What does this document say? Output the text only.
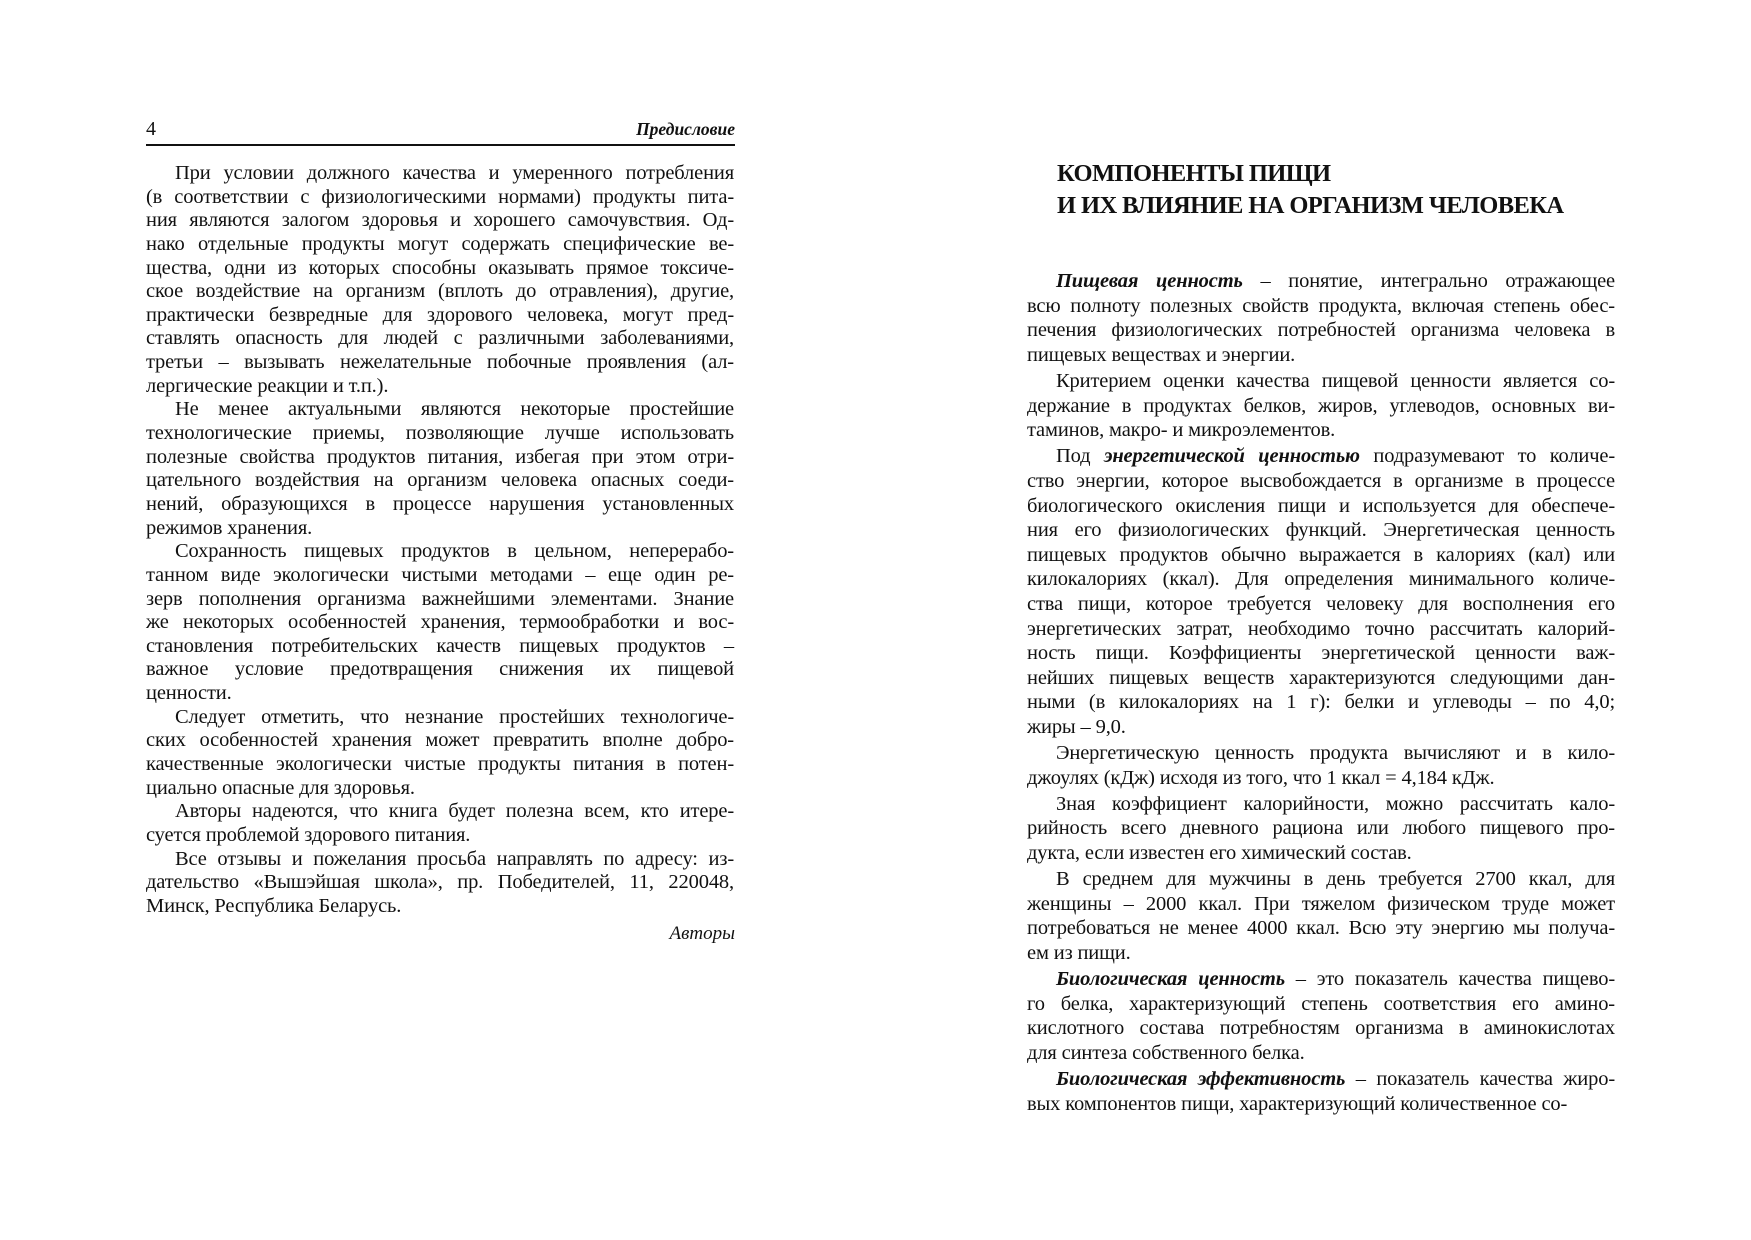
4	Предисловие
При условии должного качества и умеренного потребления
(в соответствии с физиологическими нормами) продукты пита-
ния являются залогом здоровья и хорошего самочувствия. Од-
нако отдельные продукты могут содержать специфические ве-
щества, одни из которых способны оказывать прямое токсиче-
ское воздействие на организм (вплоть до отравления), другие,
практически безвредные для здорового человека, могут пред-
ставлять опасность для людей с различными заболеваниями,
третьи – вызывать нежелательные побочные проявления (ал-
лергические реакции и т.п.).
Не менее актуальными являются некоторые простейшие
технологические приемы, позволяющие лучше использовать
полезные свойства продуктов питания, избегая при этом отри-
цательного воздействия на организм человека опасных соеди-
нений, образующихся в процессе нарушения установленных
режимов хранения.
Сохранность пищевых продуктов в цельном, неперерабо-
танном виде экологически чистыми методами – еще один ре-
зерв пополнения организма важнейшими элементами. Знание
же некоторых особенностей хранения, термообработки и вос-
становления потребительских качеств пищевых продуктов –
важное условие предотвращения снижения их пищевой
ценности.
Следует отметить, что незнание простейших технологиче-
ских особенностей хранения может превратить вполне добро-
качественные экологически чистые продукты питания в потен-
циально опасные для здоровья.
Авторы надеются, что книга будет полезна всем, кто итере-
суется проблемой здорового питания.
Все отзывы и пожелания просьба направлять по адресу: из-
дательство «Вышэйшая школа», пр. Победителей, 11, 220048,
Минск, Республика Беларусь.
Авторы
КОМПОНЕНТЫ ПИЩИ
И ИХ ВЛИЯНИЕ НА ОРГАНИЗМ ЧЕЛОВЕКА
Пищевая ценность – понятие, интегрально отражающее
всю полноту полезных свойств продукта, включая степень обес-
печения физиологических потребностей организма человека в
пищевых веществах и энергии.
Критерием оценки качества пищевой ценности является со-
держание в продуктах белков, жиров, углеводов, основных ви-
таминов, макро- и микроэлементов.
Под энергетической ценностью подразумевают то количе-
ство энергии, которое высвобождается в организме в процессе
биологического окисления пищи и используется для обеспече-
ния его физиологических функций. Энергетическая ценность
пищевых продуктов обычно выражается в калориях (кал) или
килокалориях (ккал). Для определения минимального количе-
ства пищи, которое требуется человеку для восполнения его
энергетических затрат, необходимо точно рассчитать калорий-
ность пищи. Коэффициенты энергетической ценности важ-
нейших пищевых веществ характеризуются следующими дан-
ными (в килокалориях на 1 г): белки и углеводы – по 4,0;
жиры – 9,0.
Энергетическую ценность продукта вычисляют и в кило-
джоулях (кДж) исходя из того, что 1 ккал = 4,184 кДж.
Зная коэффициент калорийности, можно рассчитать кало-
рийность всего дневного рациона или любого пищевого про-
дукта, если известен его химический состав.
В среднем для мужчины в день требуется 2700 ккал, для
женщины – 2000 ккал. При тяжелом физическом труде может
потребоваться не менее 4000 ккал. Всю эту энергию мы получа-
ем из пищи.
Биологическая ценность – это показатель качества пищево-
го белка, характеризующий степень соответствия его амино-
кислотного состава потребностям организма в аминокислотах
для синтеза собственного белка.
Биологическая эффективность – показатель качества жиро-
вых компонентов пищи, характеризующий количественное со-
